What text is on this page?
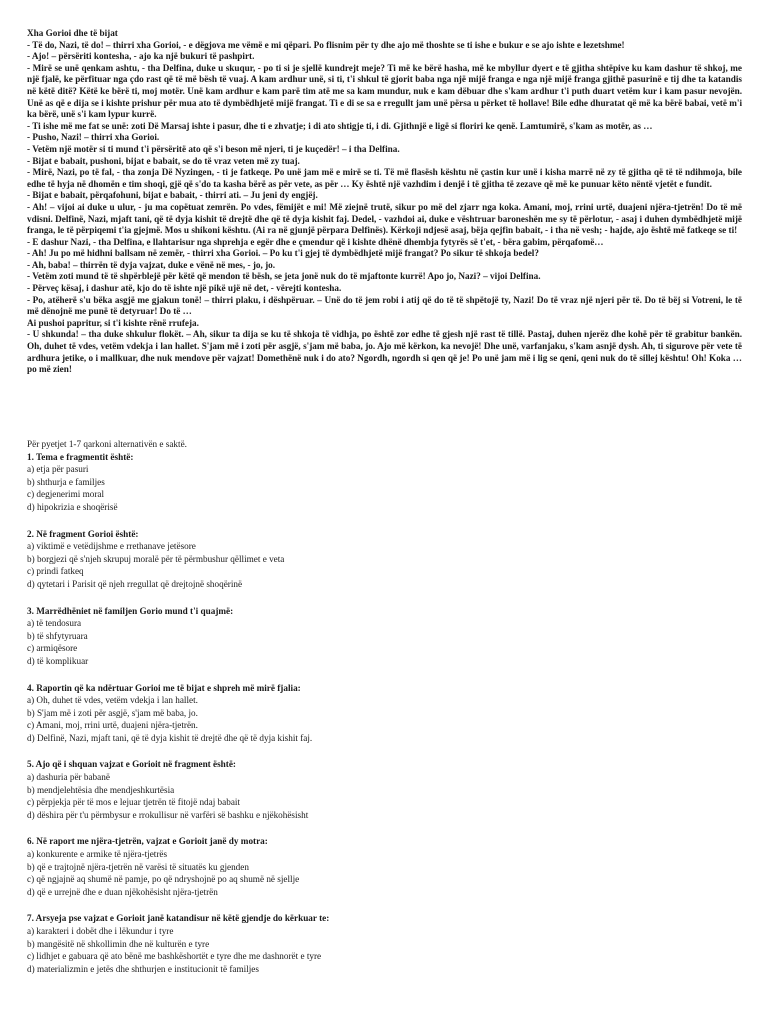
Xha Gorioi dhe të bijat

- Të do, Nazi, të do! – thirri xha Gorioi, - e dëgjova me vëmë e mi qëpari. Po flisnim për ty dhe ajo më thoshte se ti ishe e bukur e se ajo ishte e lezetshme!

- Ajo! – përsëriti kontesha, - ajo ka një bukuri të pashpirt.

- Mirë se unë qenkam ashtu, - tha Delfina, duke u skuqur, - po ti si je sjellë kundrejt meje? Ti më ke bërë hasha, më ke mbyllur dyert e të gjitha shtëpive ku kam dashur të shkoj, me një fjalë, ke përfituar nga çdo rast që të më bësh të vuaj. A kam ardhur unë, si ti, t'i shkul të gjorit baba nga një mijë franga e nga një mijë franga gjithë pasurinë e tij dhe ta katandis në këtë ditë? Këtë ke bërë ti, moj motër. Unë kam ardhur e kam parë tim atë me sa kam mundur, nuk e kam dëbuar dhe s'kam ardhur t'i puth duart vetëm kur i kam pasur nevojën. Unë as që e dija se i kishte prishur për mua ato të dymbëdhjetë mijë frangat. Ti e di se sa e rregullt jam unë përsa u përket të hollave! Bile edhe dhuratat që më ka bërë babai, vetë m'i ka bërë, unë s'i kam lypur kurrë.

- Ti ishe më me fat se unë: zoti Dë Marsaj ishte i pasur, dhe ti e zhvatje; i di ato shtigje ti, i di. Gjithnjë e ligë si floriri ke qenë. Lamtumirë, s'kam as motër, as …

- Pusho, Nazi! – thirri xha Gorioi.

- Vetëm një motër si ti mund t'i përsëritë ato që s'i beson më njeri, ti je kuçedër! – i tha Delfina.

- Bijat e babait, pushoni, bijat e babait, se do të vraz veten më zy tuaj.

- Mirë, Nazi, po të fal, - tha zonja Dë Nyzingen, - ti je fatkeqe. Po unë jam më e mirë se ti. Të më flasësh kështu në çastin kur unë i kisha marrë në zy të gjitha që të të ndihmoja, bile edhe të hyja në dhomën e tim shoqi, gjë që s'do ta kasha bërë as për vete, as për … Ky është një vazhdim i denjë i të gjitha të zezave që më ke punuar këto nëntë vjetët e fundit.

- Bijat e babait, përqafohuni, bijat e babait, - thirri ati. – Ju jeni dy engjëj.

- Ah! – vijoi ai duke u ulur, - ju ma copëtuat zemrën. Po vdes, fëmijët e mi! Më ziejnë trutë, sikur po më del zjarr nga koka. Amani, moj, rrini urtë, duajeni njëra-tjetrën! Do të më vdisni. Delfinë, Nazi, mjaft tani, që të dyja kishit të drejtë dhe që të dyja kishit faj. Dedel, - vazhdoi ai, duke e vështruar baroneshën me sy të përlotur, - asaj i duhen dymbëdhjetë mijë franga, le të përpiqemi t'ia gjejmë. Mos u shikoni kështu. (Ai ra në gjunjë përpara Delfinës). Kërkoji ndjesë asaj, bëja qejfin babait, - i tha në vesh; - hajde, ajo është më fatkeqe se ti!

- E dashur Nazi, - tha Delfina, e llahtarisur nga shprehja e egër dhe e çmendur që i kishte dhënë dhembja fytyrës së t'et, - bëra gabim, përqafomë…

- Ah! Ju po më hidhni ballsam në zemër, - thirri xha Gorioi. – Po ku t'i gjej të dymbëdhjetë mijë frangat? Po sikur të shkoja bedel?

- Ah, baba! – thirrën të dyja vajzat, duke e vënë në mes, - jo, jo.

- Vetëm zoti mund të të shpërblejë për këtë që mendon të bësh, se jeta jonë nuk do të mjaftonte kurrë! Apo jo, Nazi? – vijoi Delfina.

- Përveç kësaj, i dashur atë, kjo do të ishte një pikë ujë në det, - vërejti kontesha.

- Po, atëherë s'u bëka asgjë me gjakun tonë! – thirri plaku, i dëshpëruar. – Unë do të jem robi i atij që do të të shpëtojë ty, Nazi! Do të vraz një njeri për të. Do të bëj si Votreni, le të më dënojnë me punë të detyruar! Do të …

Ai pushoi papritur, si t'i kishte rënë rrufeja.

- U shkunda! – tha duke shkulur flokët. – Ah, sikur ta dija se ku të shkoja të vidhja, po është zor edhe të gjesh një rast të tillë. Pastaj, duhen njerëz dhe kohë për të grabitur bankën. Oh, duhet të vdes, vetëm vdekja i lan hallet. S'jam më i zoti për asgjë, s'jam më baba, jo. Ajo më kërkon, ka nevojë! Dhe unë, varfanjaku, s'kam asnjë dysh. Ah, ti sigurove për vete të ardhura jetike, o i mallkuar, dhe nuk mendove për vajzat! Domethënë nuk i do ato? Ngordh, ngordh si qen që je! Po unë jam më i lig se qeni, qeni nuk do të sillej kështu! Oh! Koka … po më zien!

Për pyetjet 1-7 qarkoni alternativën e saktë.

1. Tema e fragmentit është:
a) etja për pasuri
b) shthurja e familjes
c) degjenerimi moral
d) hipokrizia e shoqërisë
2. Në fragment Gorioi është:
a) viktimë e vetëdijshme e rrethanave jetësore
b) borgjezi që s'njeh skrupuj moralë për të përmbushur qëllimet e veta
c) prindi fatkeq
d) qytetari i Parisit që njeh rregullat që drejtojnë shoqërinë
3. Marrëdhëniet në familjen Gorio mund t'i quajmë:
a) të tendosura
b) të shfytyruara
c) armiqësore
d) të komplikuar
4. Raportin që ka ndërtuar Gorioi me të bijat e shpreh më mirë fjalia:
a) Oh, duhet të vdes, vetëm vdekja i lan hallet.
b) S'jam më i zoti për asgjë, s'jam më baba, jo.
c) Amani, moj, rrini urtë, duajeni njëra-tjetrën.
d) Delfinë, Nazi, mjaft tani, që të dyja kishit të drejtë dhe që të dyja kishit faj.
5. Ajo që i shquan vajzat e Gorioit në fragment është:
a) dashuria për babanë
b) mendjelehtësia dhe mendjeshkurtësia
c) përpjekja për të mos e lejuar tjetrën të fitojë ndaj babait
d) dëshira për t'u përmbysur e rrokullisur në varfëri së bashku e njëkohësisht
6. Në raport me njëra-tjetrën, vajzat e Gorioit janë dy motra:
a) konkurente e armike të njëra-tjetrës
b) që e trajtojnë njëra-tjetrën në varësi të situatës ku gjenden
c) që ngjajnë aq shumë në pamje, po që ndryshojnë po aq shumë në sjellje
d) që e urrejnë dhe e duan njëkohësisht njëra-tjetrën
7. Arsyeja pse vajzat e Gorioit janë katandisur në këtë gjendje do kërkuar te:
a) karakteri i dobët dhe i lëkundur i tyre
b) mangësitë në shkollimin dhe në kulturën e tyre
c) lidhjet e gabuara që ato bënë me bashkëshortët e tyre dhe me dashnorët e tyre
d) materializmin e jetës dhe shthurjen e institucionit të familjes
